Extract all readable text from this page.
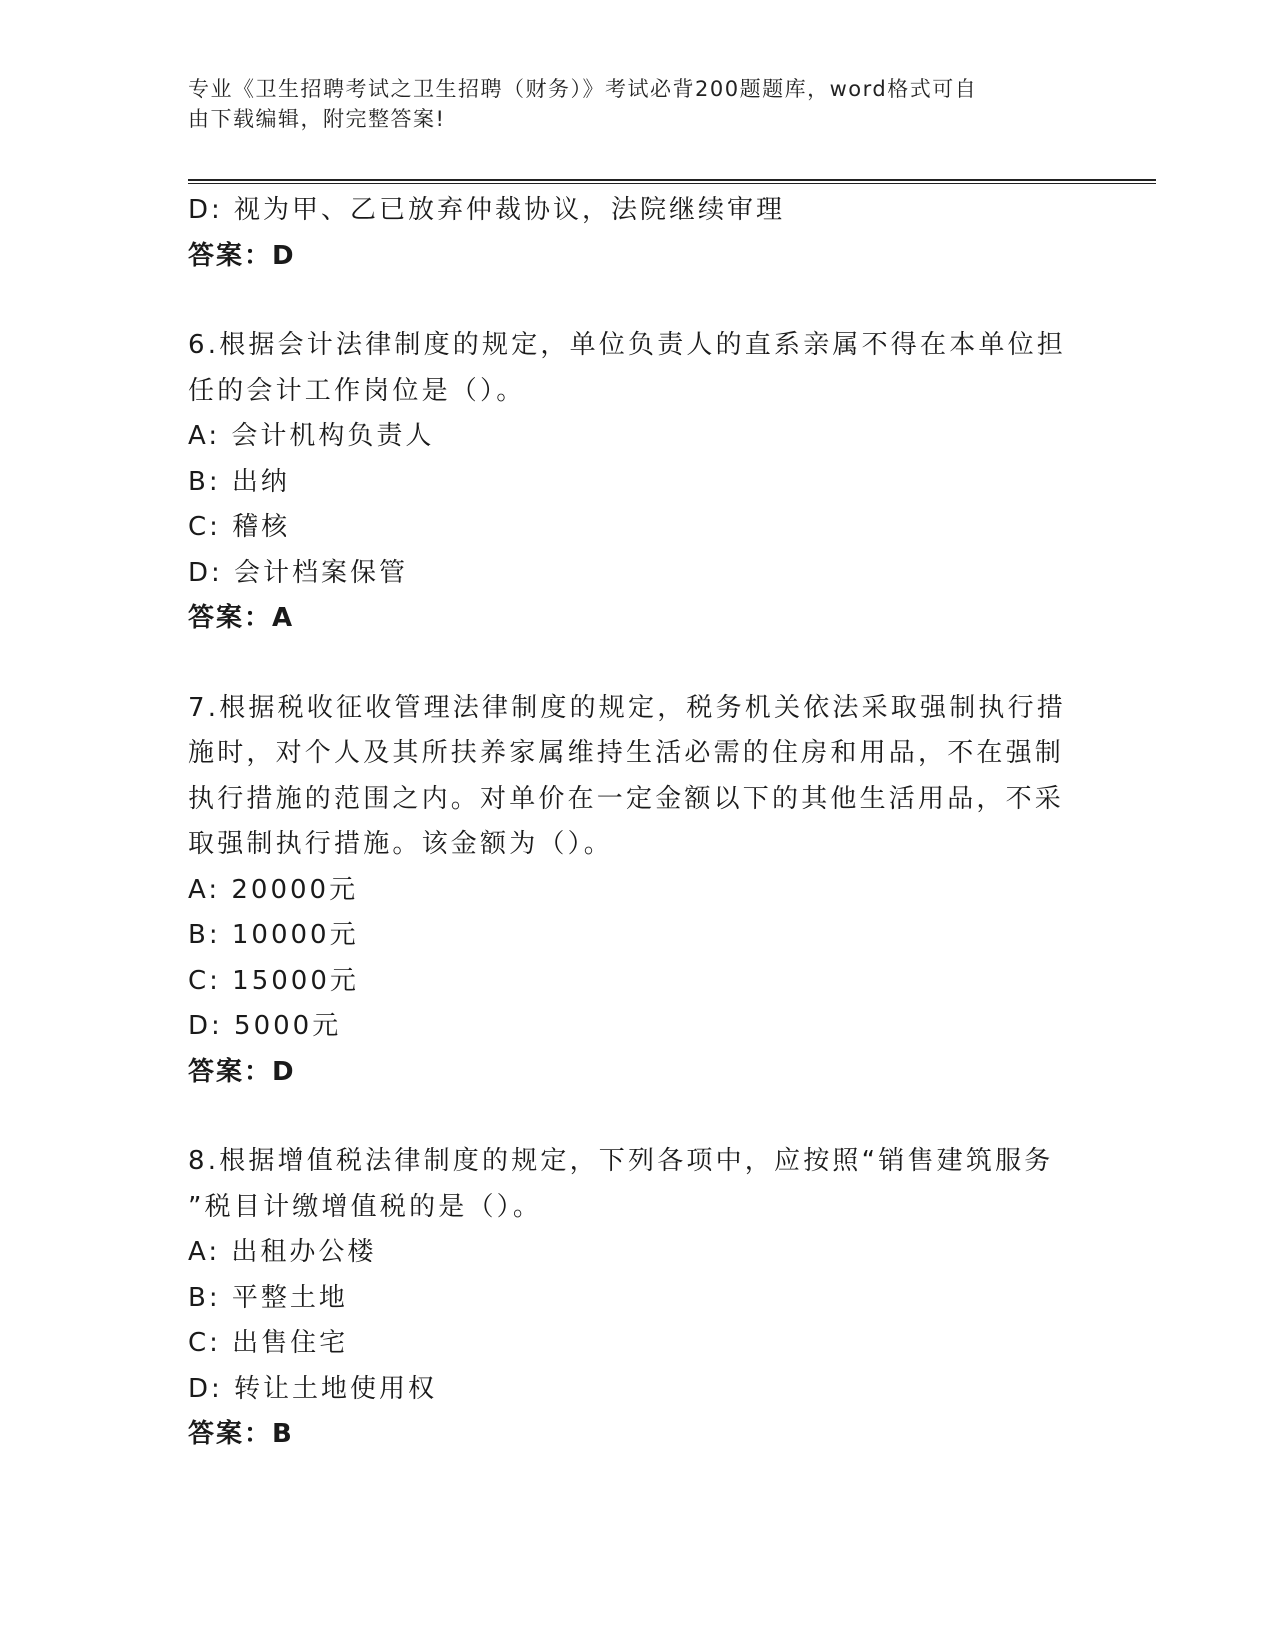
专业《卫生招聘考试之卫生招聘（财务）》考试必背200题题库，word格式可自
由下载编辑，附完整答案!
D: 视为甲、乙已放弃仲裁协议，法院继续审理
答案：D
6.根据会计法律制度的规定，单位负责人的直系亲属不得在本单位担
任的会计工作岗位是（）。
A: 会计机构负责人
B: 出纳
C: 稽核
D: 会计档案保管
答案：A
7.根据税收征收管理法律制度的规定，税务机关依法采取强制执行措
施时，对个人及其所扶养家属维持生活必需的住房和用品，不在强制
执行措施的范围之内。对单价在一定金额以下的其他生活用品，不采
取强制执行措施。该金额为（）。
A: 20000元
B: 10000元
C: 15000元
D: 5000元
答案：D
8.根据增值税法律制度的规定，下列各项中，应按照“销售建筑服务
”税目计缴增值税的是（）。
A: 出租办公楼
B: 平整土地
C: 出售住宅
D: 转让土地使用权
答案：B
